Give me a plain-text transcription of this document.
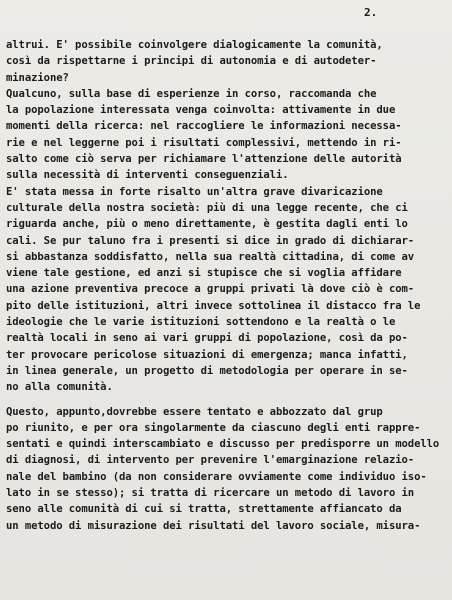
2.
altrui. E' possibile coinvolgere dialogicamente la comunità,
così da rispettarne i principi di autonomia e di autodeter-
minazione?
Qualcuno, sulla base di esperienze in corso, raccomanda che
la popolazione interessata venga coinvolta: attivamente in due
momenti della ricerca: nel raccogliere le informazioni necessa-
rie e nel leggerne poi i risultati complessivi, mettendo in ri-
salto come ciò serva per richiamare l'attenzione delle autorità
sulla necessità di interventi conseguenziali.
E' stata messa in forte risalto un'altra grave divaricazione
culturale della nostra società: più di una legge recente, che ci
riguarda anche, più o meno direttamente, è gestita dagli enti lo
cali. Se pur taluno fra i presenti si dice in grado di dichiarar-
si abbastanza soddisfatto, nella sua realtà cittadina, di come av
viene tale gestione, ed anzi si stupisce che si voglia affidare
una azione preventiva precoce a gruppi privati là dove ciò è com-
pito delle istituzioni, altri invece sottolinea il distacco fra le
ideologie che le varie istituzioni sottendono e la realtà o le
realtà locali in seno ai vari gruppi di popolazione, così da po-
ter provocare pericolose situazioni di emergenza; manca infatti,
in linea generale, un progetto di metodologia per operare in se-
no alla comunità.
Questo, appunto,dovrebbe essere tentato e abbozzato dal grup
po riunito, e per ora singolarmente da ciascuno degli enti rappre-
sentati e quindi interscambiato e discusso per predisporre un modello
di diagnosi, di intervento per prevenire l'emarginazione relazio-
nale del bambino (da non considerare ovviamente come individuo iso-
lato in se stesso); si tratta di ricercare un metodo di lavoro in
seno alle comunità di cui si tratta, strettamente affiancato da
un metodo di misurazione dei risultati del lavoro sociale, misura-
